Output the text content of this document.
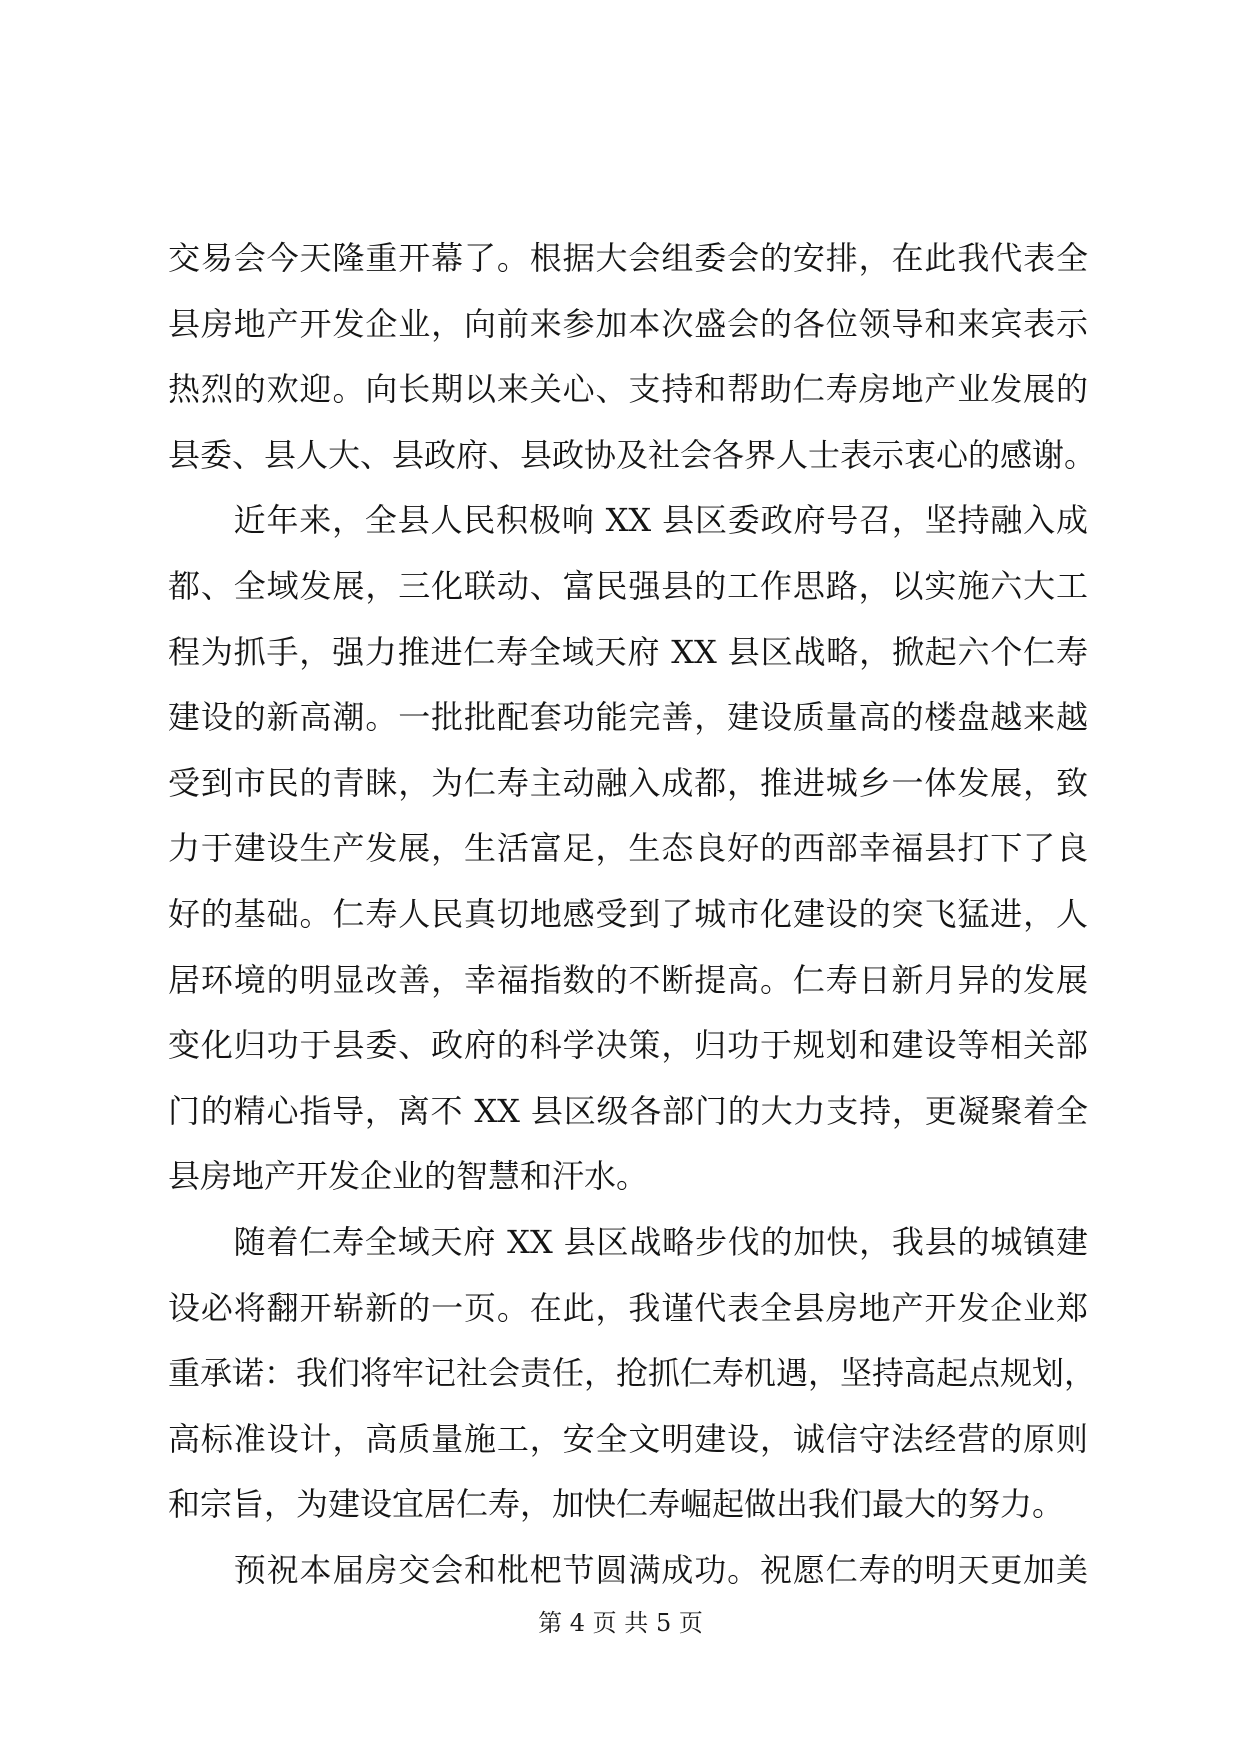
交易会今天隆重开幕了。根据大会组委会的安排，在此我代表全
县房地产开发企业，向前来参加本次盛会的各位领导和来宾表示
热烈的欢迎。向长期以来关心、支持和帮助仁寿房地产业发展的
县委、县人大、县政府、县政协及社会各界人士表示衷心的感谢。
　　近年来，全县人民积极响 XX 县区委政府号召，坚持融入成
都、全域发展，三化联动、富民强县的工作思路，以实施六大工
程为抓手，强力推进仁寿全域天府 XX 县区战略，掀起六个仁寿
建设的新高潮。一批批配套功能完善，建设质量高的楼盘越来越
受到市民的青睐，为仁寿主动融入成都，推进城乡一体发展，致
力于建设生产发展，生活富足，生态良好的西部幸福县打下了良
好的基础。仁寿人民真切地感受到了城市化建设的突飞猛进，人
居环境的明显改善，幸福指数的不断提高。仁寿日新月异的发展
变化归功于县委、政府的科学决策，归功于规划和建设等相关部
门的精心指导，离不 XX 县区级各部门的大力支持，更凝聚着全
县房地产开发企业的智慧和汗水。
　　随着仁寿全域天府 XX 县区战略步伐的加快，我县的城镇建
设必将翻开崭新的一页。在此，我谨代表全县房地产开发企业郑
重承诺：我们将牢记社会责任，抢抓仁寿机遇，坚持高起点规划，
高标准设计，高质量施工，安全文明建设，诚信守法经营的原则
和宗旨，为建设宜居仁寿，加快仁寿崛起做出我们最大的努力。
　　预祝本届房交会和枇杷节圆满成功。祝愿仁寿的明天更加美
第 4 页 共 5 页
